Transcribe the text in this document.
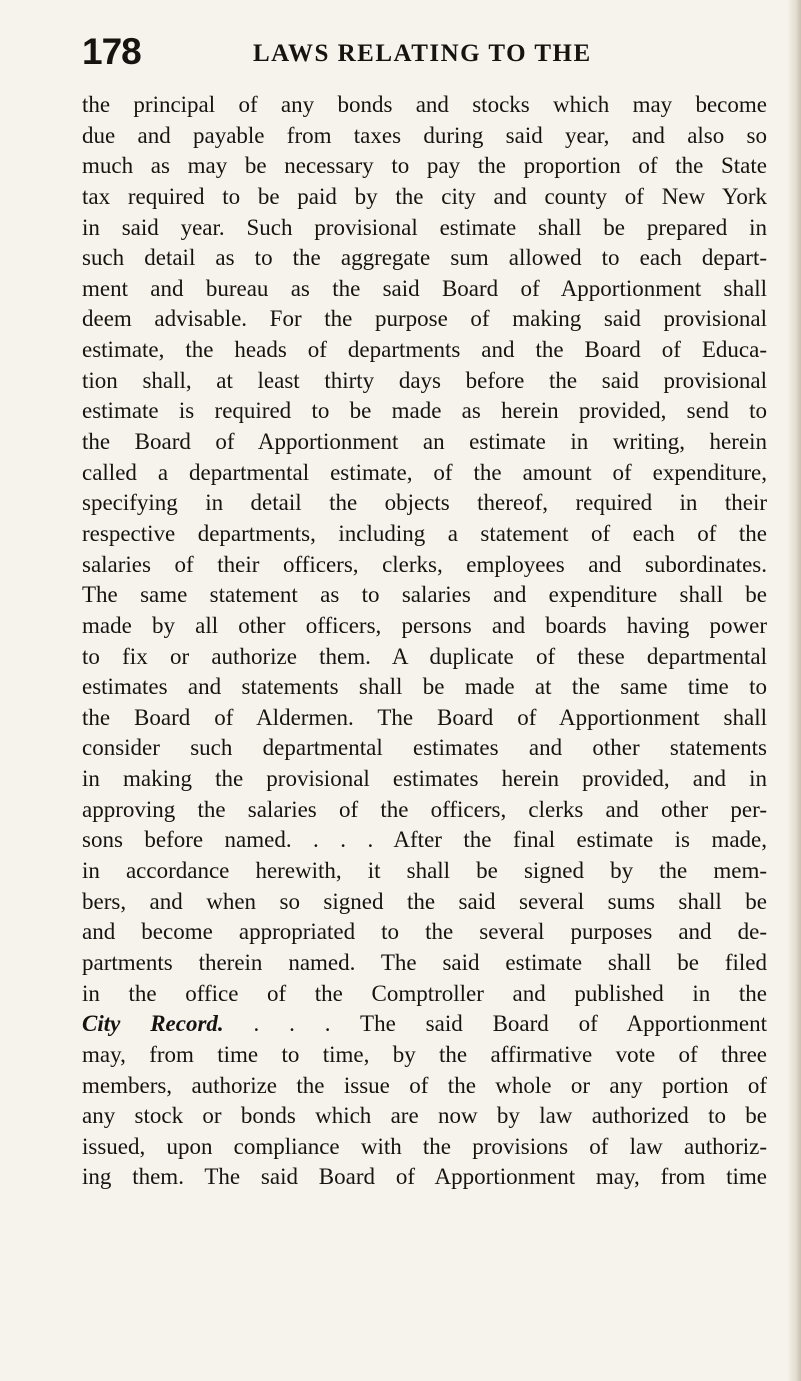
178	LAWS RELATING TO THE
the principal of any bonds and stocks which may become
due and payable from taxes during said year, and also so
much as may be necessary to pay the proportion of the State
tax required to be paid by the city and county of New York
in said year. Such provisional estimate shall be prepared in
such detail as to the aggregate sum allowed to each depart-
ment and bureau as the said Board of Apportionment shall
deem advisable. For the purpose of making said provisional
estimate, the heads of departments and the Board of Educa-
tion shall, at least thirty days before the said provisional
estimate is required to be made as herein provided, send to
the Board of Apportionment an estimate in writing, herein
called a departmental estimate, of the amount of expenditure,
specifying in detail the objects thereof, required in their
respective departments, including a statement of each of the
salaries of their officers, clerks, employees and subordinates.
The same statement as to salaries and expenditure shall be
made by all other officers, persons and boards having power
to fix or authorize them. A duplicate of these departmental
estimates and statements shall be made at the same time to
the Board of Aldermen. The Board of Apportionment shall
consider such departmental estimates and other statements
in making the provisional estimates herein provided, and in
approving the salaries of the officers, clerks and other per-
sons before named. . . . After the final estimate is made,
in accordance herewith, it shall be signed by the mem-
bers, and when so signed the said several sums shall be
and become appropriated to the several purposes and de-
partments therein named. The said estimate shall be filed
in the office of the Comptroller and published in the
City Record. . . . The said Board of Apportionment
may, from time to time, by the affirmative vote of three
members, authorize the issue of the whole or any portion of
any stock or bonds which are now by law authorized to be
issued, upon compliance with the provisions of law authoriz-
ing them. The said Board of Apportionment may, from time
